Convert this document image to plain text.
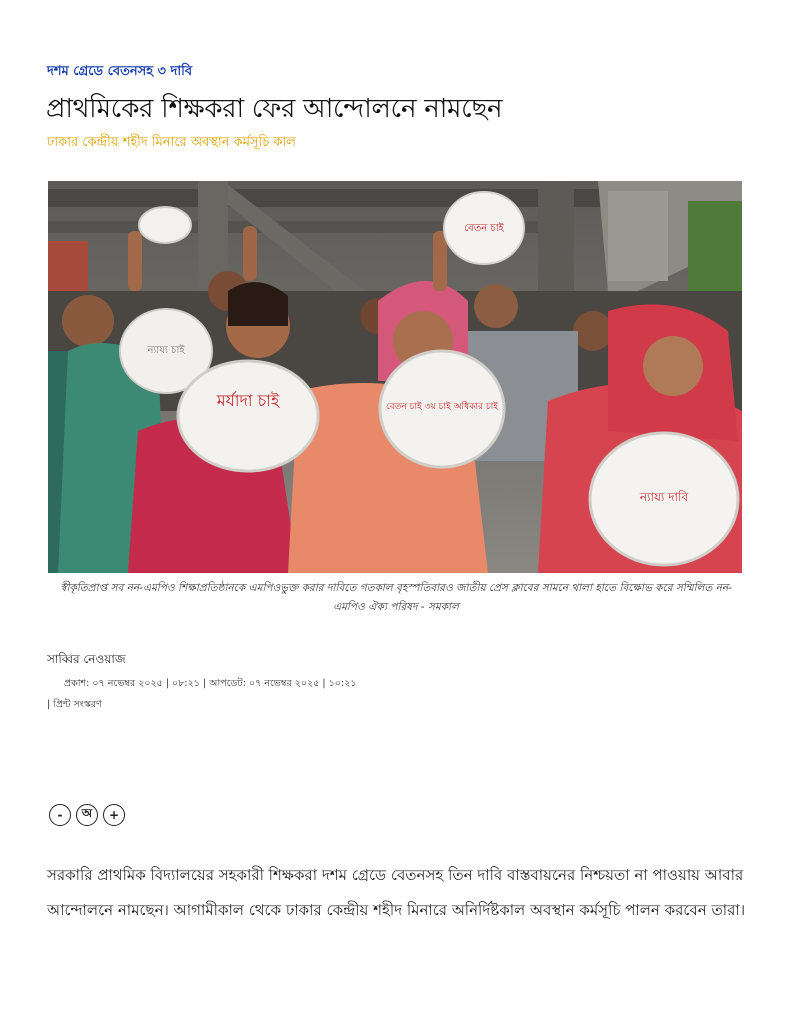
দশম গ্রেডে বেতনসহ ৩ দাবি
প্রাথমিকের শিক্ষকরা ফের আন্দোলনে নামছেন
ঢাকার কেন্দ্রীয় শহীদ মিনারে অবস্থান কর্মসূচি কাল
মর্যাদা চাই	বেতন চাই ৩য় চাই অধিকার চাই
বেতন চাই
ন্যায্য চাই
ন্যায্য দাবি
স্বীকৃতিপ্রাপ্ত সব নন-এমপিও শিক্ষাপ্রতিষ্ঠানকে এমপিওভুক্ত করার দাবিতে গতকাল বৃহস্পতিবারও জাতীয় প্রেস ক্লাবের সামনে থালা হাতে বিক্ষোভ করে সম্মিলিত নন-এমপিও ঐক্য পরিষদ - সমকাল
সাব্বির নেওয়াজ
প্রকাশ: ০৭ নভেম্বর ২০২৫ | ০৮:২১ | আপডেট: ০৭ নভেম্বর ২০২৫ | ১০:২১
| প্রিন্ট সংস্করণ
-	অ	+

সরকারি প্রাথমিক বিদ্যালয়ের সহকারী শিক্ষকরা দশম গ্রেডে বেতনসহ তিন দাবি বাস্তবায়নের নিশ্চয়তা না পাওয়ায় আবার আন্দোলনে নামছেন। আগামীকাল থেকে ঢাকার কেন্দ্রীয় শহীদ মিনারে অনির্দিষ্টকাল অবস্থান কর্মসূচি পালন করবেন তারা।
